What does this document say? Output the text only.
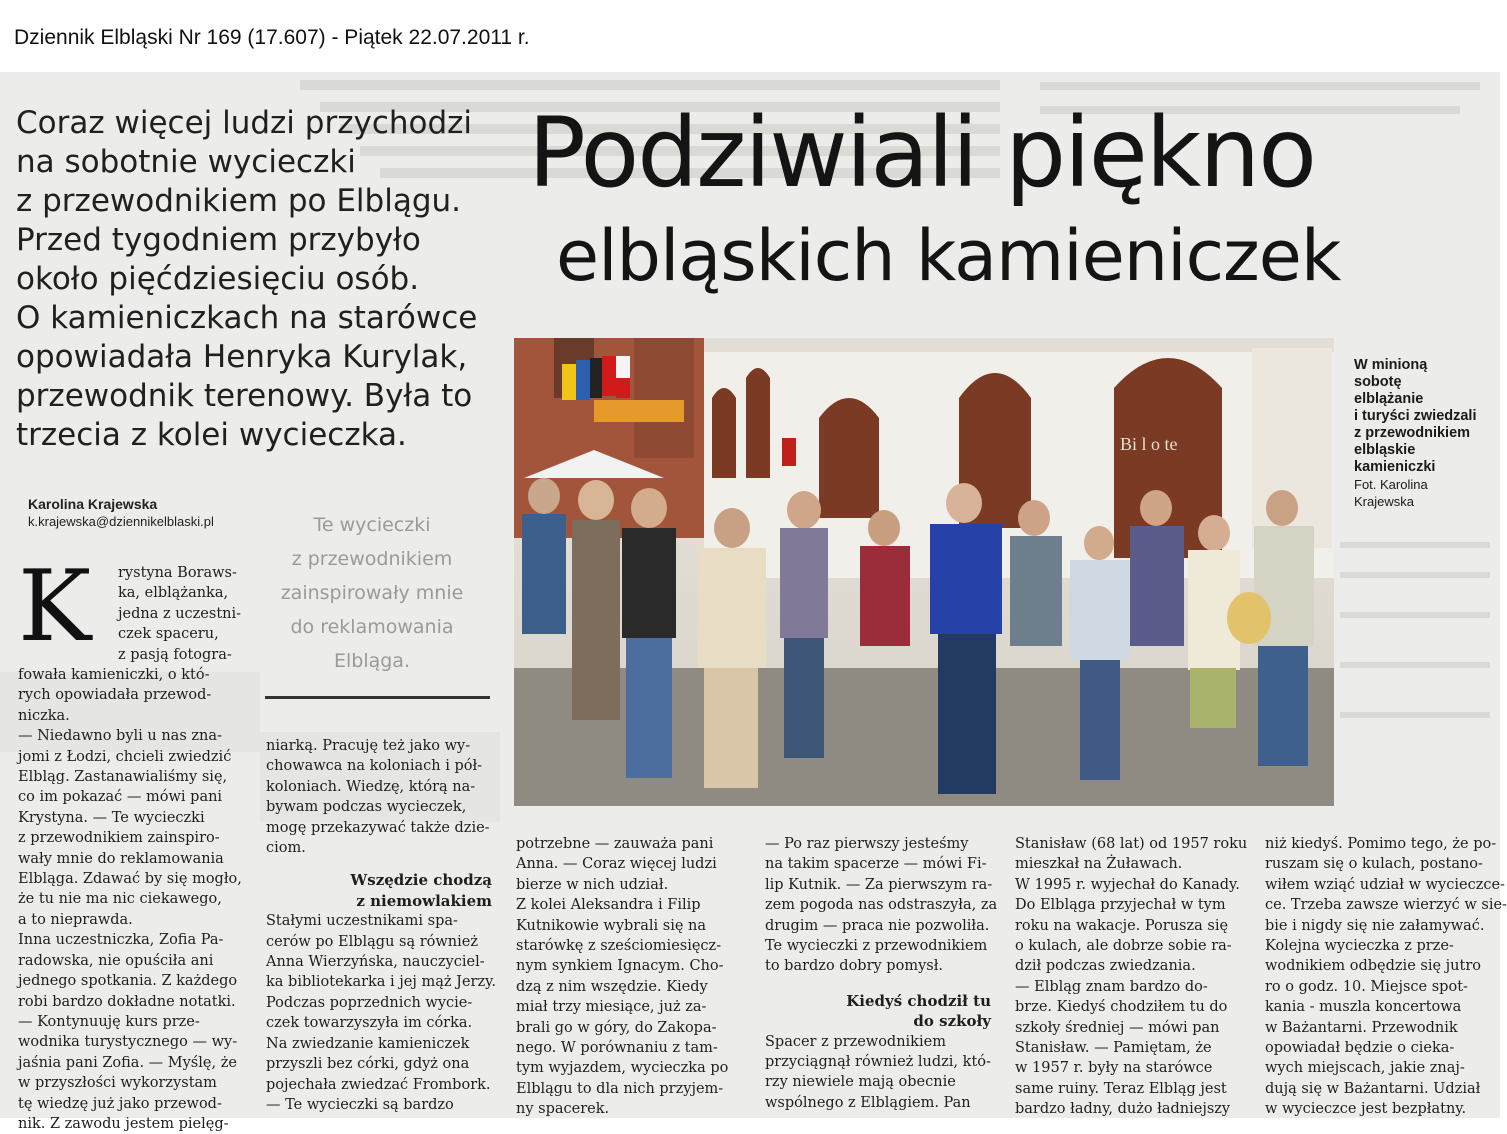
Dziennik Elbląski Nr 169 (17.607) - Piątek 22.07.2011 r.
Podziwiali piękno
elbląskich kamieniczek
Coraz więcej ludzi przychodzi
na sobotnie wycieczki
z przewodnikiem po Elblągu.
Przed tygodniem przybyło
około pięćdziesięciu osób.
O kamieniczkach na starówce
opowiadała Henryka Kurylak,
przewodnik terenowy. Była to
trzecia z kolei wycieczka.
Karolina Krajewska
k.krajewska@dziennikelblaski.pl	Te wycieczki
z przewodnikiem
zainspirowały mnie
do reklamowania
Elbląga.
Bi l o te
W minioną
sobotę
elblążanie
i turyści zwiedzali
z przewodnikiem
elbląskie
kamieniczki
Fot. Karolina
Krajewska
K rystyna Boraws-
ka, elblążanka,
jedna z uczestni-
czek spaceru,
z pasją fotogra-
fowała kamieniczki, o któ-
rych opowiadała przewod-
niczka.
— Niedawno byli u nas zna-
jomi z Łodzi, chcieli zwiedzić
Elbląg. Zastanawialiśmy się,
co im pokazać — mówi pani
Krystyna. — Te wycieczki
z przewodnikiem zainspiro-
wały mnie do reklamowania
Elbląga. Zdawać by się mogło,
że tu nie ma nic ciekawego,
a to nieprawda.
Inna uczestniczka, Zofia Pa-
radowska, nie opuściła ani
jednego spotkania. Z każdego
robi bardzo dokładne notatki.
— Kontynuuję kurs prze-
wodnika turystycznego — wy-
jaśnia pani Zofia. — Myślę, że
w przyszłości wykorzystam
tę wiedzę już jako przewod-
nik. Z zawodu jestem pielęg-
niarką. Pracuję też jako wy-
chowawca na koloniach i pół-
koloniach. Wiedzę, którą na-
bywam podczas wycieczek,
mogę przekazywać także dzie-
ciom.
Wszędzie chodzą
z niemowlakiem
Stałymi uczestnikami spa-
cerów po Elblągu są również
Anna Wierzyńska, nauczyciel-
ka bibliotekarka i jej mąż Jerzy.
Podczas poprzednich wycie-
czek towarzyszyła im córka.
Na zwiedzanie kamieniczek
przyszli bez córki, gdyż ona
pojechała zwiedzać Frombork.
— Te wycieczki są bardzo
potrzebne — zauważa pani
Anna. — Coraz więcej ludzi
bierze w nich udział.
Z kolei Aleksandra i Filip
Kutnikowie wybrali się na
starówkę z sześciomiesięcz-
nym synkiem Ignacym. Cho-
dzą z nim wszędzie. Kiedy
miał trzy miesiące, już za-
brali go w góry, do Zakopa-
nego. W porównaniu z tam-
tym wyjazdem, wycieczka po
Elblągu to dla nich przyjem-
ny spacerek.
— Po raz pierwszy jesteśmy
na takim spacerze — mówi Fi-
lip Kutnik. — Za pierwszym ra-
zem pogoda nas odstraszyła, za
drugim — praca nie pozwoliła.
Te wycieczki z przewodnikiem
to bardzo dobry pomysł.
Kiedyś chodził tu
do szkoły
Spacer z przewodnikiem
przyciągnął również ludzi, któ-
rzy niewiele mają obecnie
wspólnego z Elblągiem. Pan
Stanisław (68 lat) od 1957 roku
mieszkał na Żuławach.
W 1995 r. wyjechał do Kanady.
Do Elbląga przyjechał w tym
roku na wakacje. Porusza się
o kulach, ale dobrze sobie ra-
dził podczas zwiedzania.
— Elbląg znam bardzo do-
brze. Kiedyś chodziłem tu do
szkoły średniej — mówi pan
Stanisław. — Pamiętam, że
w 1957 r. były na starówce
same ruiny. Teraz Elbląg jest
bardzo ładny, dużo ładniejszy
niż kiedyś. Pomimo tego, że po-
ruszam się o kulach, postano-
wiłem wziąć udział w wycieczce-
ce. Trzeba zawsze wierzyć w sie-
bie i nigdy się nie załamywać.
Kolejna wycieczka z prze-
wodnikiem odbędzie się jutro
ro o godz. 10. Miejsce spot-
kania - muszla koncertowa
w Bażantarni. Przewodnik
opowiadał będzie o cieka-
wych miejscach, jakie znaj-
dują się w Bażantarni. Udział
w wycieczce jest bezpłatny.
